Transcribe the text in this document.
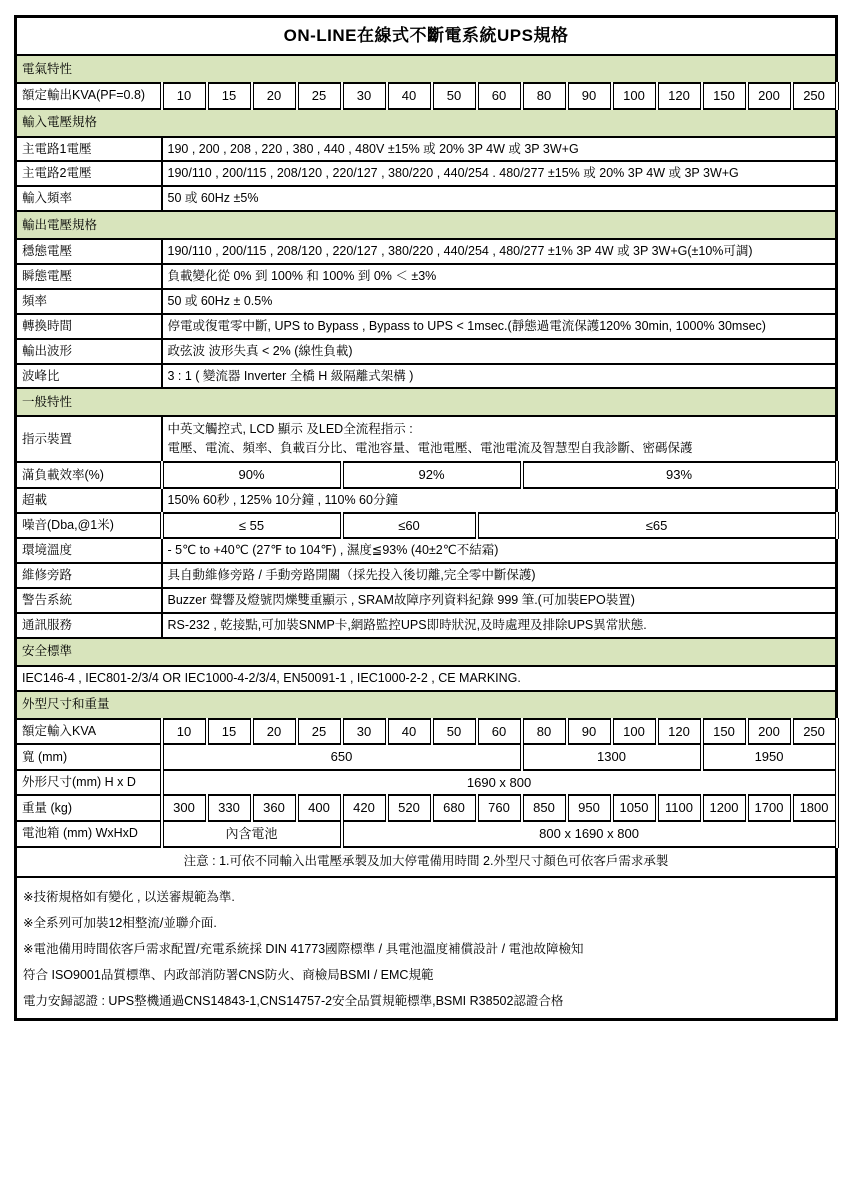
ON-LINE在線式不斷電系統UPS規格															
電氣特性															
額定輸出KVA(PF=0.8)	10	15	20	25	30	40	50	60	80	90	100	120	150	200	250
輸入電壓規格															
主電路1電壓	190 , 200 , 208 , 220 , 380 , 440 , 480V ±15% 或 20% 3P 4W 或 3P 3W+G														
主電路2電壓	190/110 , 200/115 , 208/120 , 220/127 , 380/220 , 440/254 . 480/277 ±15% 或 20% 3P 4W 或 3P 3W+G														
輸入頻率	50 或 60Hz ±5%														
輸出電壓規格															
穩態電壓	190/110 , 200/115 , 208/120 , 220/127 , 380/220 , 440/254 , 480/277 ±1% 3P 4W 或 3P 3W+G(±10%可調)														
瞬態電壓	負載變化從 0% 到 100% 和 100% 到 0% ＜ ±3%														
頻率	50 或 60Hz ± 0.5%														
轉換時間	停電或復電零中斷, UPS to Bypass , Bypass to UPS < 1msec.(靜態過電流保護120% 30min, 1000% 30msec)														
輸出波形	政弦波 波形失真 < 2% (線性負載)														
波峰比	3 : 1 ( 變流器 Inverter 全橋 H 級隔離式架構 )														
一般特性															
指示裝置	中英文觸控式, LCD 顯示 及LED全流程指示 :
電壓、電流、頻率、負載百分比、電池容量、電池電壓、電池電流及智慧型自我診斷、密碼保護														

滿負載效率(%)	90%				92%				93%						
超載	150% 60秒 , 125% 10分鐘 , 110% 60分鐘														
噪音(Dba,@1米)	≤ 55				≤60			≤65							
環境溫度	- 5℃ to +40℃ (27℉ to 104℉) , 濕度≦93% (40±2℃不結霜)														
維修旁路	具自動維修旁路 / 手動旁路開關（採先投入後切離,完全零中斷保護)														
警告系統	Buzzer 聲響及燈號閃爍雙重顯示 , SRAM故障序列資料紀錄 999 筆.(可加裝EPO裝置)														
通訊服務	RS-232 , 乾接點,可加裝SNMP卡,網路監控UPS即時狀況,及時處理及排除UPS異常狀態.														
安全標準															
IEC146-4 , IEC801-2/3/4 OR IEC1000-4-2/3/4, EN50091-1 , IEC1000-2-2 , CE MARKING.															
外型尺寸和重量															
額定輸入KVA	10	15	20	25	30	40	50	60	80	90	100	120	150	200	250
寬 (mm)	650								1300				1950		
外形尺寸(mm) H x D	1690 x 800														
重量 (kg)	300	330	360	400	420	520	680	760	850	950	1050	1100	1200	1700	1800
電池箱 (mm) WxHxD	內含電池				800 x 1690 x 800										
注意 : 1.可依不同輸入出電壓承製及加大停電備用時間 2.外型尺寸顏色可依客戶需求承製															

※技術規格如有變化 , 以送審規範為準.
※全系列可加裝12相整流/並聯介面.
※電池備用時間依客戶需求配置/充電系統採 DIN 41773國際標準 / 具電池溫度補償設計 / 電池故障檢知
符合 ISO9001品質標準、内政部消防署CNS防火、商檢局BSMI / EMC規範
電力安歸認證 : UPS整機通過CNS14843-1,CNS14757-2安全品質規範標準,BSMI R38502認證合格															
